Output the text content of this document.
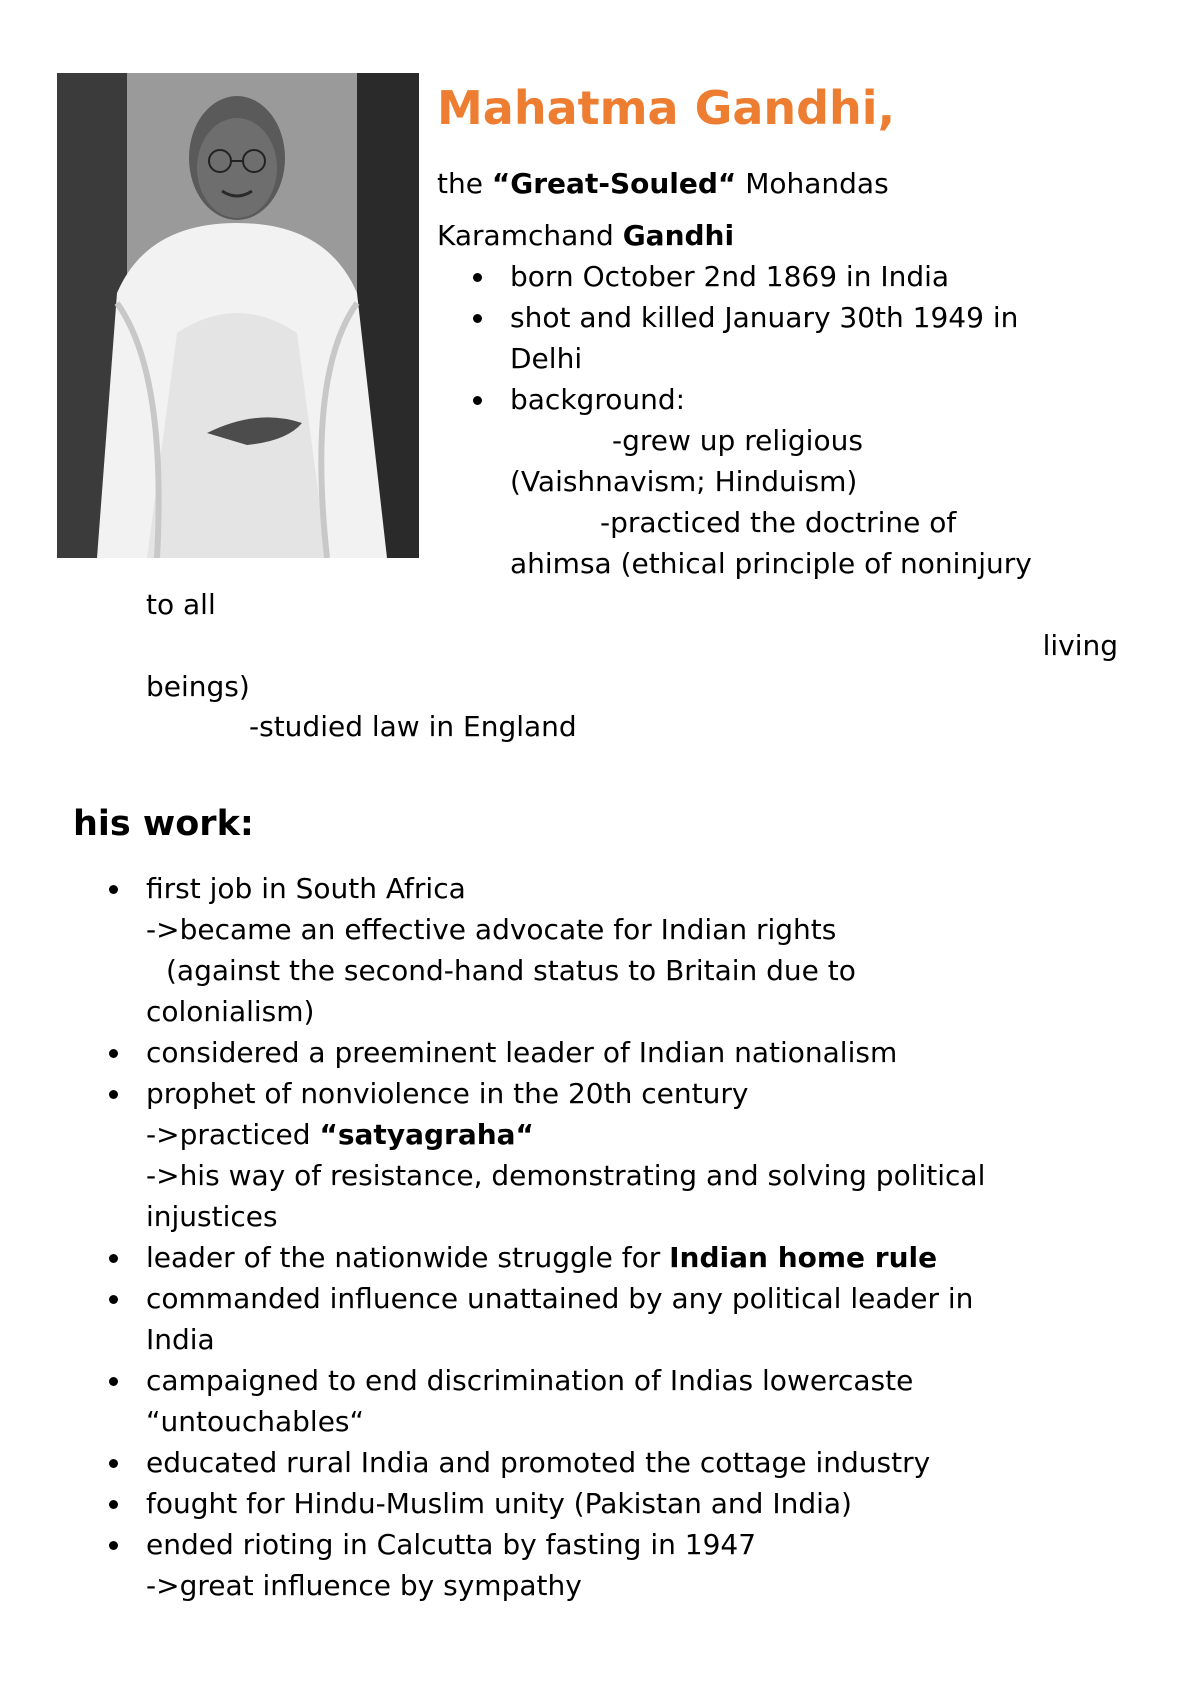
Mahatma Gandhi,
the “Great-Souled“ Mohandas
Karamchand Gandhi

born October 2nd 1869 in India

shot and killed January 30th 1949 in

Delhi

background:

-grew up religious

(Vaishnavism; Hinduism)

-practiced the doctrine of

ahimsa (ethical principle of noninjury

to all

living

beings)

-studied law in England

his work:

first job in South Africa

->became an effective advocate for Indian rights

(against the second-hand status to Britain due to

colonialism)

considered a preeminent leader of Indian nationalism

prophet of nonviolence in the 20th century

->practiced “satyagraha“

->his way of resistance, demonstrating and solving political

injustices

leader of the nationwide struggle for Indian home rule

commanded influence unattained by any political leader in

India

campaigned to end discrimination of Indias lowercaste

“untouchables“

educated rural India and promoted the cottage industry

fought for Hindu-Muslim unity (Pakistan and India)

ended rioting in Calcutta by fasting in 1947

->great influence by sympathy
